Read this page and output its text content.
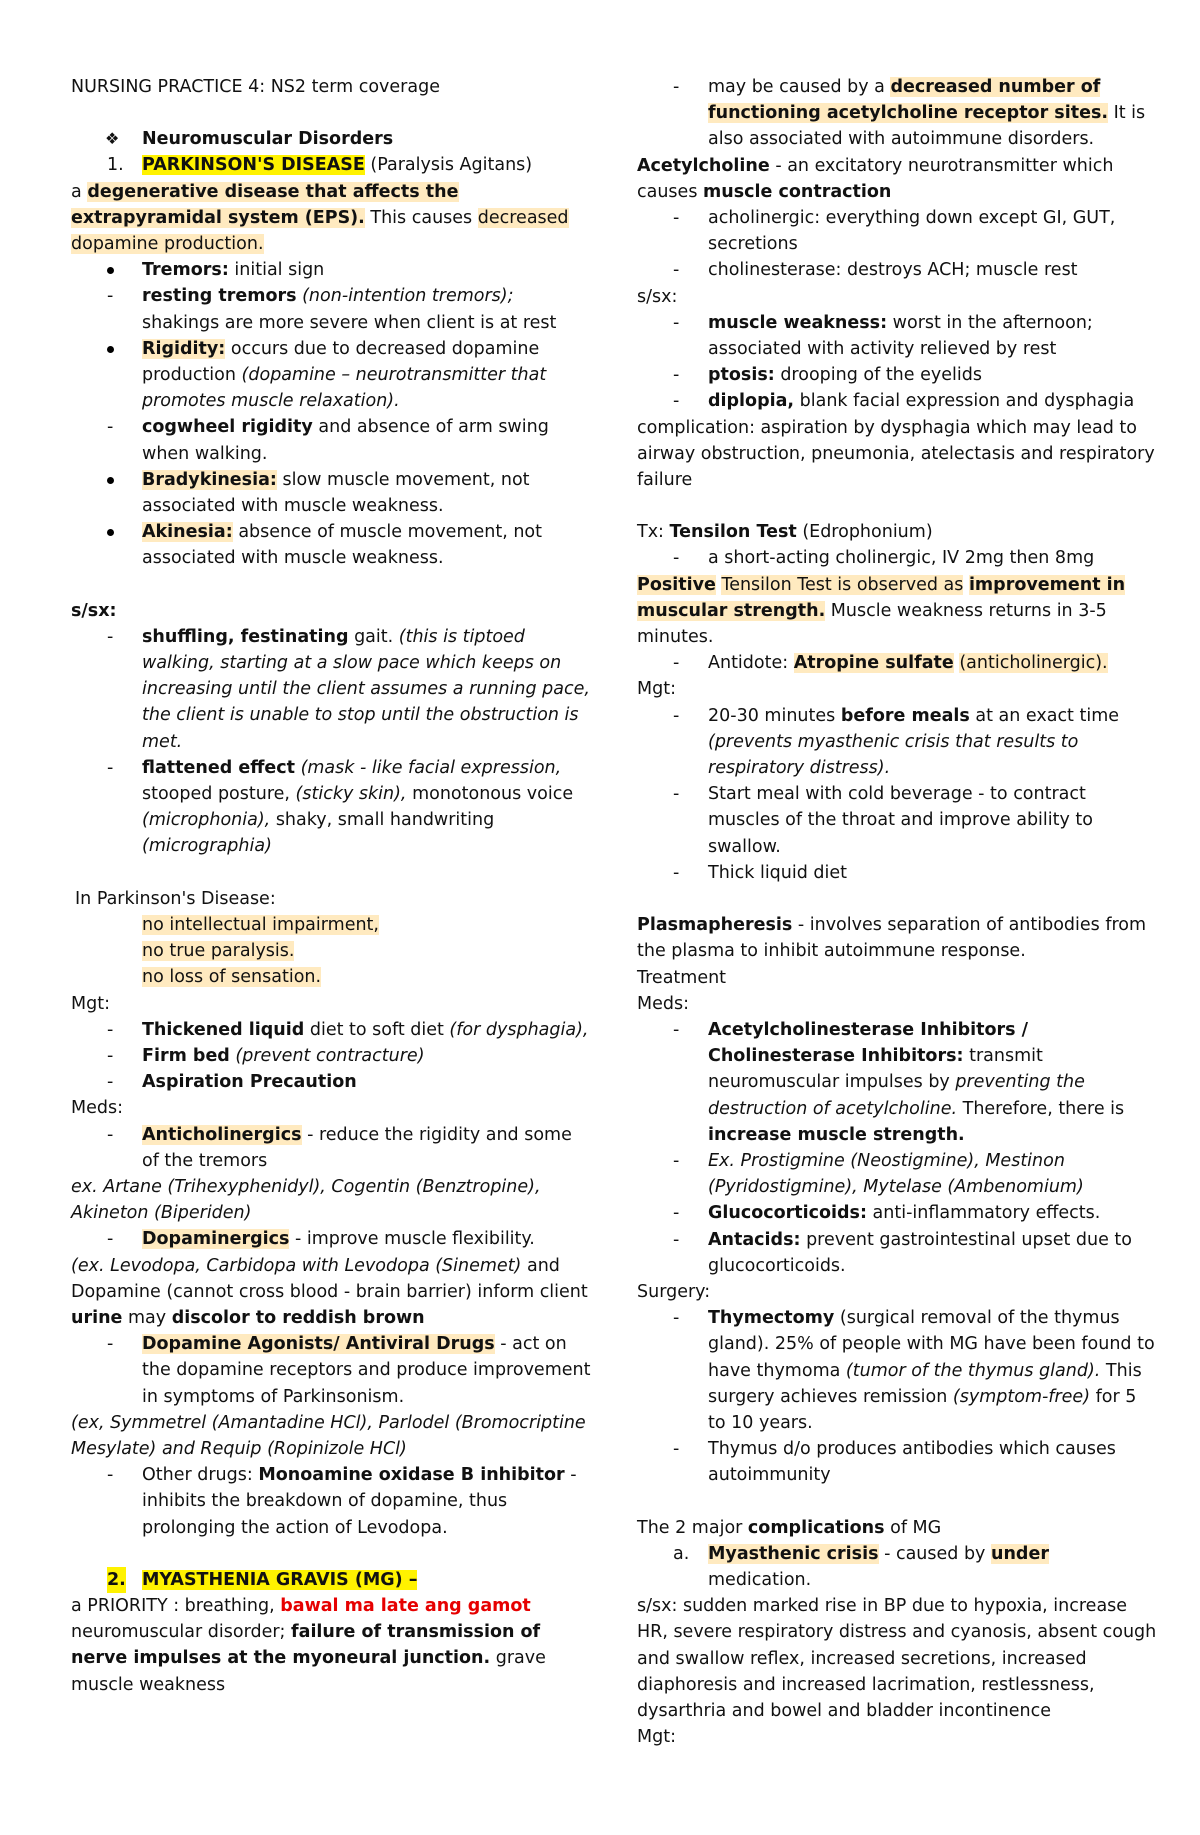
NURSING PRACTICE 4: NS2 term coverage

❖ Neuromuscular Disorders

1. PARKINSON'S DISEASE (Paralysis Agitans)

a degenerative disease that affects the extrapyramidal system (EPS). This causes decreased dopamine production.

Tremors: initial sign

- resting tremors (non-intention tremors); shakings are more severe when client is at rest

Rigidity: occurs due to decreased dopamine production (dopamine – neurotransmitter that promotes muscle relaxation).

- cogwheel rigidity and absence of arm swing when walking.

Bradykinesia: slow muscle movement, not associated with muscle weakness.

Akinesia: absence of muscle movement, not associated with muscle weakness.

s/sx:

- shuffling, festinating gait. (this is tiptoed walking, starting at a slow pace which keeps on increasing until the client assumes a running pace, the client is unable to stop until the obstruction is met.

- flattened effect (mask - like facial expression, stooped posture, (sticky skin), monotonous voice (microphonia), shaky, small handwriting (micrographia)

In Parkinson's Disease:

no intellectual impairment,

no true paralysis.

no loss of sensation.

Mgt:

- Thickened liquid diet to soft diet (for dysphagia),

- Firm bed (prevent contracture)

- Aspiration Precaution

Meds:

- Anticholinergics - reduce the rigidity and some of the tremors

ex. Artane (Trihexyphenidyl), Cogentin (Benztropine), Akineton (Biperiden)

- Dopaminergics - improve muscle flexibility.

(ex. Levodopa, Carbidopa with Levodopa (Sinemet) and Dopamine (cannot cross blood - brain barrier) inform client urine may discolor to reddish brown

- Dopamine Agonists/ Antiviral Drugs - act on the dopamine receptors and produce improvement in symptoms of Parkinsonism.

(ex, Symmetrel (Amantadine HCl), Parlodel (Bromocriptine Mesylate) and Requip (Ropinizole HCl)

- Other drugs: Monoamine oxidase B inhibitor - inhibits the breakdown of dopamine, thus prolonging the action of Levodopa.

2. MYASTHENIA GRAVIS (MG) –

a PRIORITY : breathing, bawal ma late ang gamot

neuromuscular disorder; failure of transmission of nerve impulses at the myoneural junction. grave muscle weakness

- may be caused by a decreased number of functioning acetylcholine receptor sites. It is also associated with autoimmune disorders.

Acetylcholine - an excitatory neurotransmitter which causes muscle contraction

- acholinergic: everything down except GI, GUT, secretions

- cholinesterase: destroys ACH; muscle rest

s/sx:

- muscle weakness: worst in the afternoon; associated with activity relieved by rest

- ptosis: drooping of the eyelids

- diplopia, blank facial expression and dysphagia

complication: aspiration by dysphagia which may lead to airway obstruction, pneumonia, atelectasis and respiratory failure

Tx: Tensilon Test (Edrophonium)

- a short-acting cholinergic, IV 2mg then 8mg

Positive Tensilon Test is observed as improvement in muscular strength. Muscle weakness returns in 3-5 minutes.

- Antidote: Atropine sulfate (anticholinergic).

Mgt:

- 20-30 minutes before meals at an exact time (prevents myasthenic crisis that results to respiratory distress).

- Start meal with cold beverage - to contract muscles of the throat and improve ability to swallow.

- Thick liquid diet

Plasmapheresis - involves separation of antibodies from the plasma to inhibit autoimmune response.

Treatment

Meds:

- Acetylcholinesterase Inhibitors / Cholinesterase Inhibitors: transmit neuromuscular impulses by preventing the destruction of acetylcholine. Therefore, there is increase muscle strength.

- Ex. Prostigmine (Neostigmine), Mestinon (Pyridostigmine), Mytelase (Ambenomium)

- Glucocorticoids: anti-inflammatory effects.

- Antacids: prevent gastrointestinal upset due to glucocorticoids.

Surgery:

- Thymectomy (surgical removal of the thymus gland). 25% of people with MG have been found to have thymoma (tumor of the thymus gland). This surgery achieves remission (symptom-free) for 5 to 10 years.

- Thymus d/o produces antibodies which causes autoimmunity

The 2 major complications of MG

a. Myasthenic crisis - caused by under medication.

s/sx: sudden marked rise in BP due to hypoxia, increase HR, severe respiratory distress and cyanosis, absent cough and swallow reflex, increased secretions, increased diaphoresis and increased lacrimation, restlessness, dysarthria and bowel and bladder incontinence

Mgt:
